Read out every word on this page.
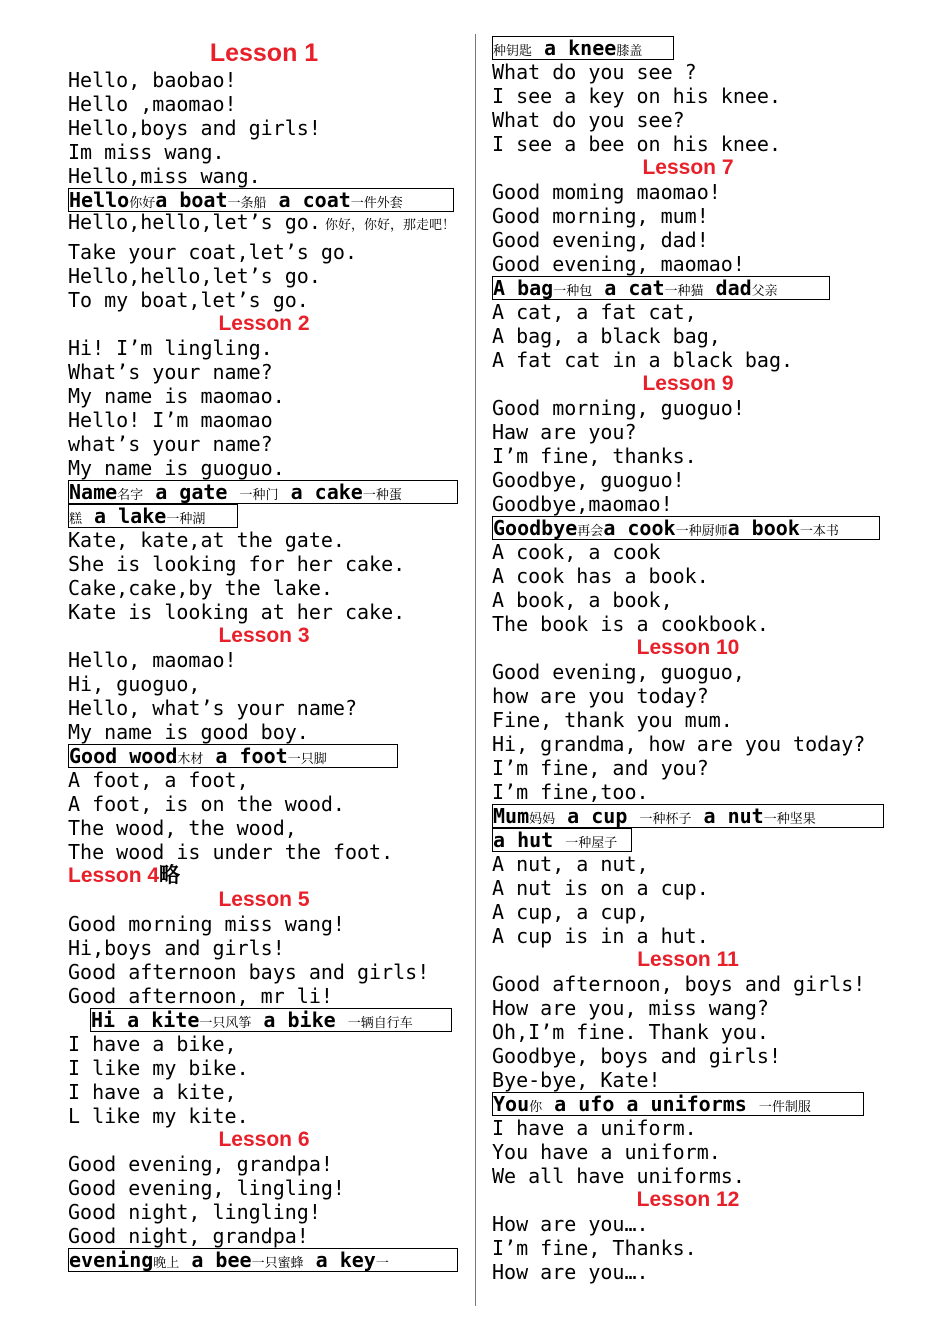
Lesson 1
Hello, baobao!
Hello ,maomao!
Hello,boys and girls!
Im miss wang.
Hello,miss wang.
Hello你好a boat一条船 a coat一件外套
Hello,hello,let’s go. 你好，你好，那走吧！
Take your coat,let’s go.
Hello,hello,let’s go.
To my boat,let’s go.
Lesson 2
Hi! I’m lingling.
What’s your name?
My name is maomao.
Hello! I’m maomao
what’s your name?
My name is guoguo.
Name名字 a gate 一种门 a cake一种蛋
糕 a lake一种湖
Kate, kate,at the gate.
She is looking for her cake.
Cake,cake,by the lake.
Kate is looking at her cake.
Lesson 3
Hello, maomao!
Hi, guoguo,
Hello, what’s your name?
My name is good boy.
Good wood木材 a foot一只脚
A foot, a foot,
A foot, is on the wood.
The wood, the wood,
The wood is under the foot.
Lesson 4略
Lesson 5
Good morning miss wang!
Hi,boys and girls!
Good afternoon bays and girls!
Good afternoon, mr li!
Hi a kite一只风筝 a bike 一辆自行车
I have a bike,
I like my bike.
I have a kite,
L like my kite.
Lesson 6
Good evening, grandpa!
Good evening, lingling!
Good night, lingling!
Good night, grandpa!
evening晚上 a bee一只蜜蜂 a key一
种钥匙 a knee膝盖
What do you see ?
I see a key on his knee.
What do you see?
I see a bee on his knee.
Lesson 7
Good moming maomao!
Good morning, mum!
Good evening, dad!
Good evening, maomao!
A bag一种包 a cat一种猫 dad父亲
A cat, a fat cat,
A bag, a black bag,
A fat cat in a black bag.
Lesson 9
Good morning, guoguo!
Haw are you?
I’m fine, thanks.
Goodbye, guoguo!
Goodbye,maomao!
Goodbye再会a cook一种厨师a book一本书
A cook, a cook
A cook has a book.
A book, a book,
The book is a cookbook.
Lesson 10
Good evening, guoguo,
how are you today?
Fine, thank you mum.
Hi, grandma, how are you today?
I’m fine, and you?
I’m fine,too.
Mum妈妈 a cup 一种杯子 a nut一种坚果
a hut 一种屋子
A nut, a nut,
A nut is on a cup.
A cup, a cup,
A cup is in a hut.
Lesson 11
Good afternoon, boys and girls!
How are you, miss wang?
Oh,I’m fine. Thank you.
Goodbye, boys and girls!
Bye-bye, Kate!
You你 a ufo a uniforms 一件制服
I have a uniform.
You have a uniform.
We all have uniforms.
Lesson 12
How are you….
I’m fine, Thanks.
How are you….
